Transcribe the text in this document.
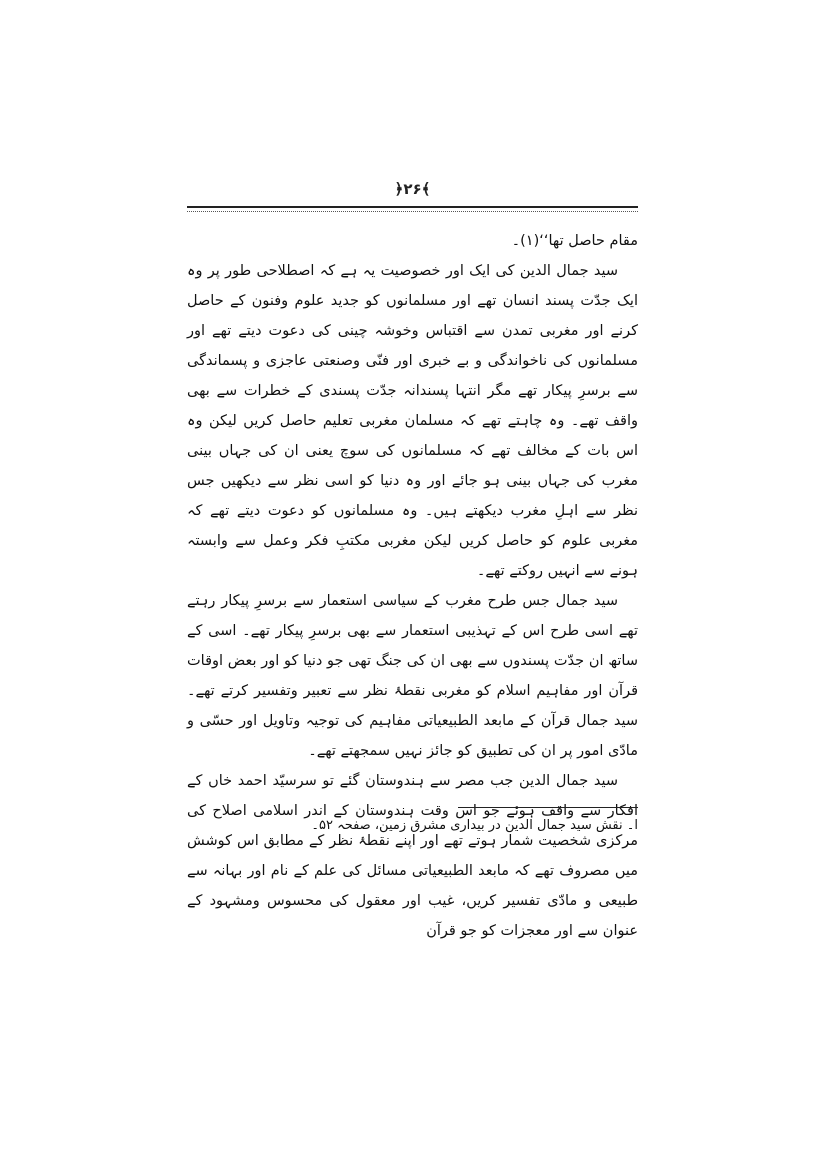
﴿۲۶﴾

مقام حاصل تھا‘‘(۱)۔

سید جمال الدین کی ایک اور خصوصیت یہ ہے کہ اصطلاحی طور پر وہ ایک جدّت پسند انسان تھے اور مسلمانوں کو جدید علوم وفنون کے حاصل کرنے اور مغربی تمدن سے اقتباس وخوشہ چینی کی دعوت دیتے تھے اور مسلمانوں کی ناخواندگی و بے خبری اور فنّی وصنعتی عاجزی و پسماندگی سے برسرِ پیکار تھے مگر انتہا پسندانہ جدّت پسندی کے خطرات سے بھی واقف تھے۔ وہ چاہتے تھے کہ مسلمان مغربی تعلیم حاصل کریں لیکن وہ اس بات کے مخالف تھے کہ مسلمانوں کی سوچ یعنی ان کی جہاں بینی مغرب کی جہاں بینی ہو جائے اور وہ دنیا کو اسی نظر سے دیکھیں جس نظر سے اہلِ مغرب دیکھتے ہیں۔ وہ مسلمانوں کو دعوت دیتے تھے کہ مغربی علوم کو حاصل کریں لیکن مغربی مکتبِ فکر وعمل سے وابستہ ہونے سے انہیں روکتے تھے۔

سید جمال جس طرح مغرب کے سیاسی استعمار سے برسرِ پیکار رہتے تھے اسی طرح اس کے تہذیبی استعمار سے بھی برسرِ پیکار تھے۔ اسی کے ساتھ ان جدّت پسندوں سے بھی ان کی جنگ تھی جو دنیا کو اور بعض اوقات قرآن اور مفاہیم اسلام کو مغربی نقطۂ نظر سے تعبیر وتفسیر کرتے تھے۔ سید جمال قرآن کے مابعد الطبیعیاتی مفاہیم کی توجیہ وتاویل اور حسّی و مادّی امور پر ان کی تطبیق کو جائز نہیں سمجھتے تھے۔

سید جمال الدین جب مصر سے ہندوستان گئے تو سرسیّد احمد خاں کے افکار سے واقف ہوئے جو اس وقت ہندوستان کے اندر اسلامی اصلاح کی مرکزی شخصیت شمار ہوتے تھے اور اپنے نقطۂ نظر کے مطابق اس کوشش میں مصروف تھے کہ مابعد الطبیعیاتی مسائل کی علم کے نام اور بہانہ سے طبیعی و مادّی تفسیر کریں، غیب اور معقول کی محسوس ومشہود کے عنوان سے اور معجزات کو جو قرآن

ا۔ نقش سید جمال الدین در بیداری مشرق زمین، صفحہ ۵۲۔
